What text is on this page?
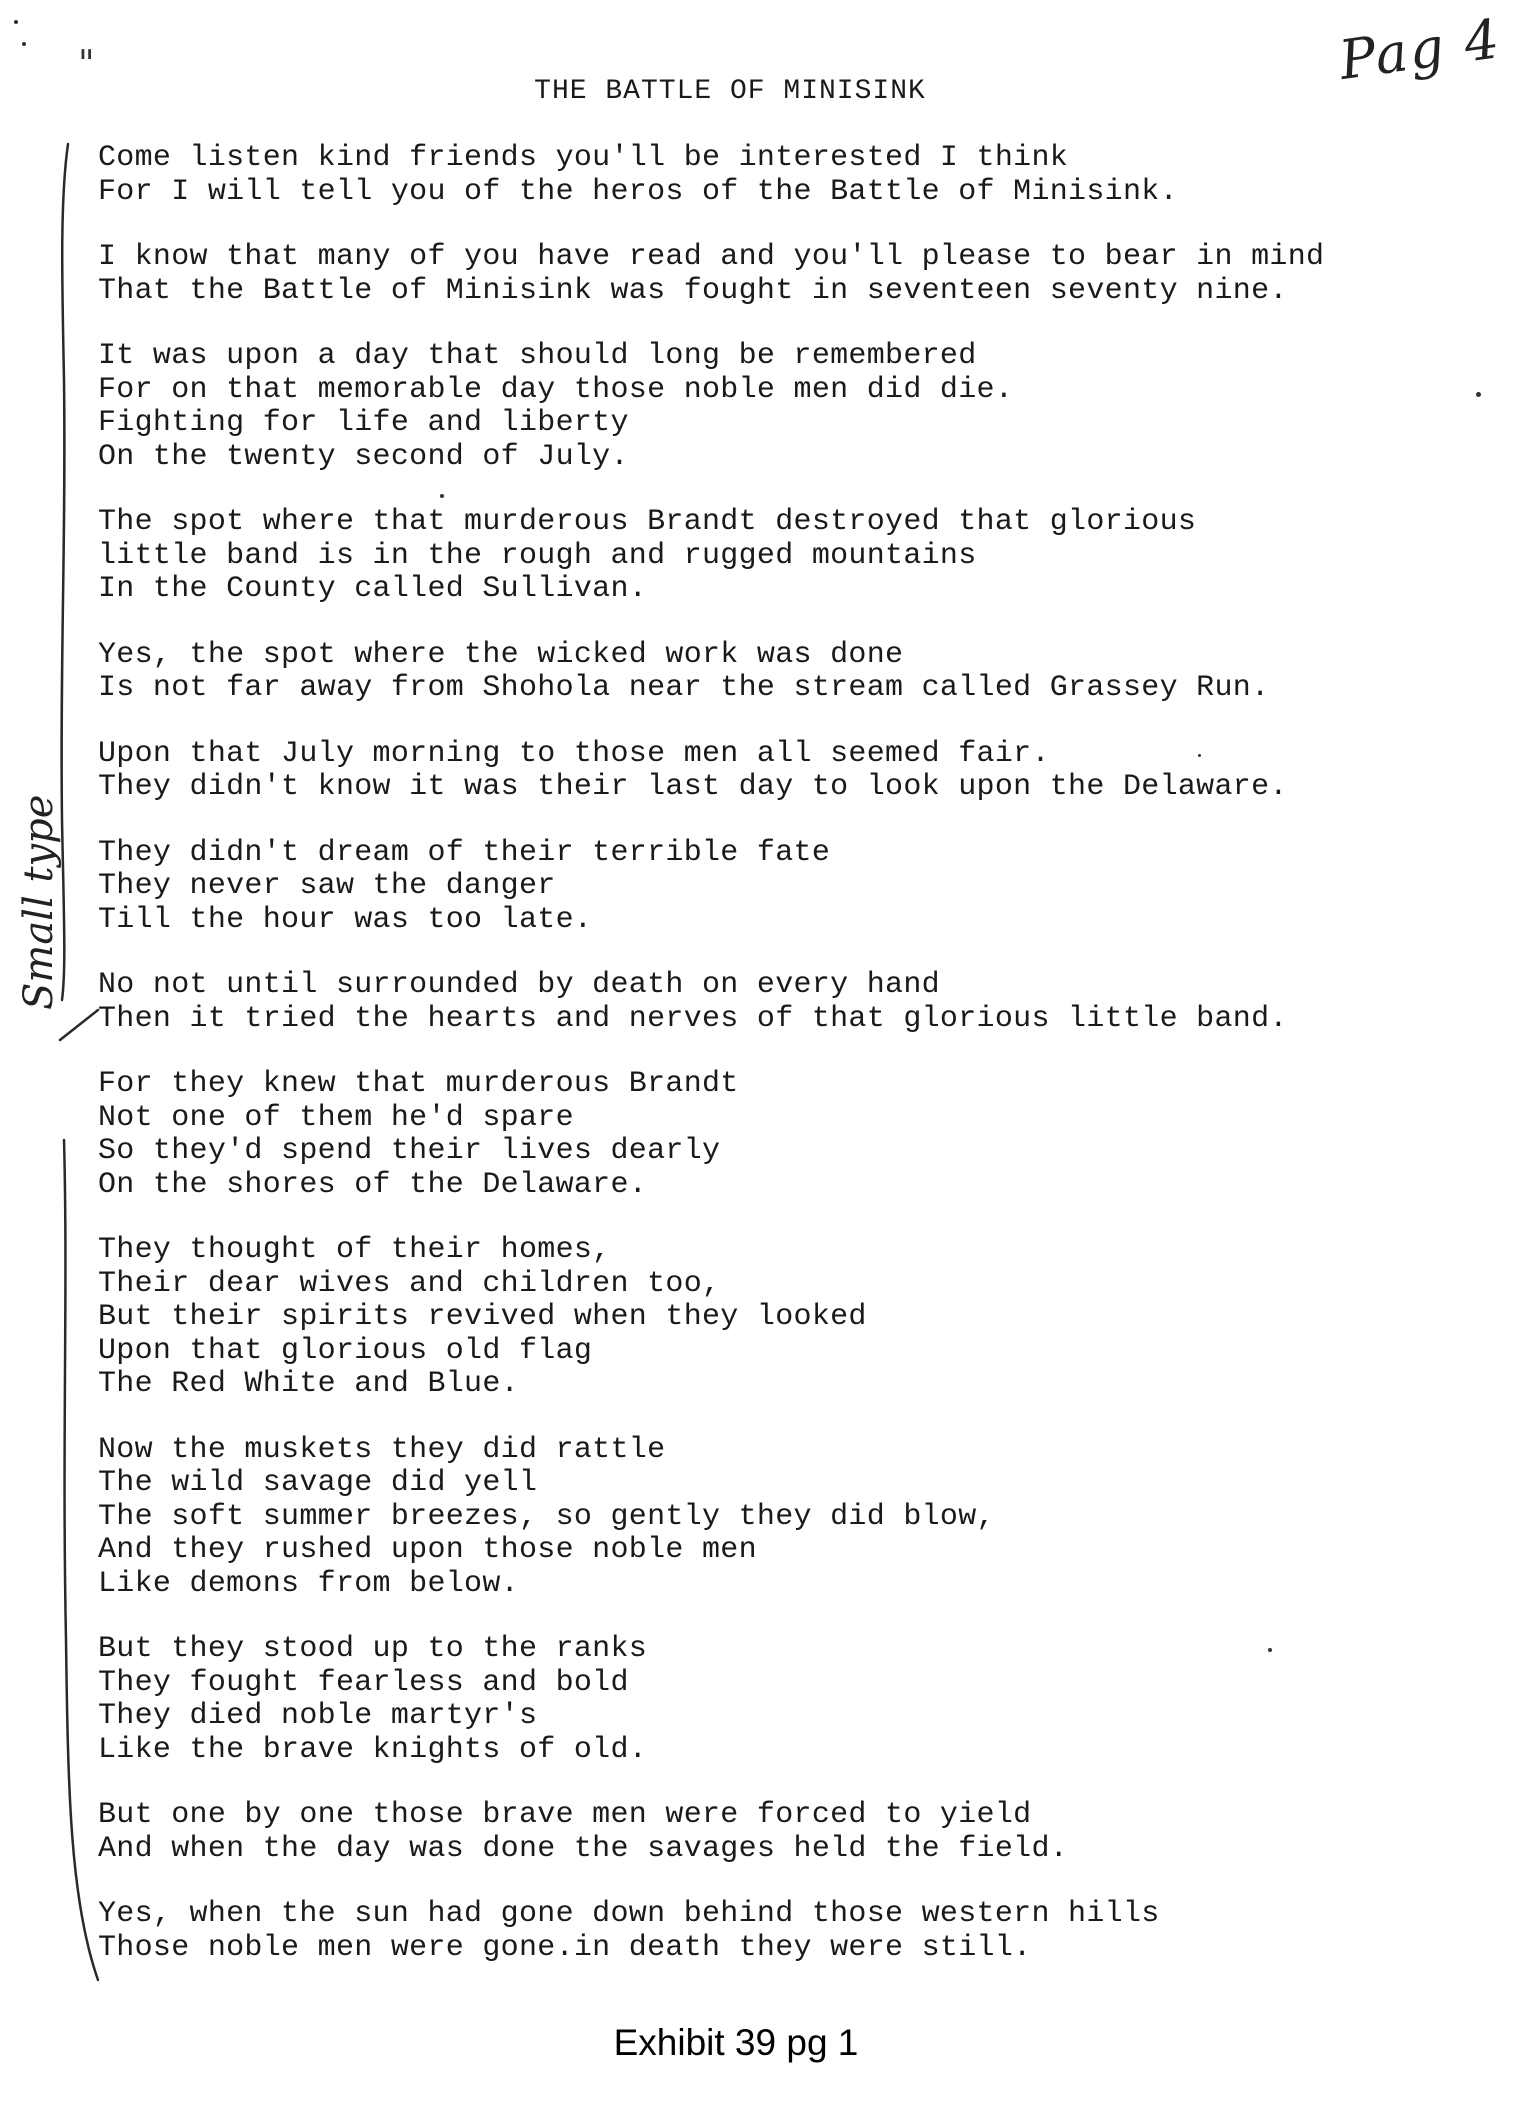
Pag 4
"
THE BATTLE OF MINISINK
Small type
Come listen kind friends you'll be interested I think
For I will tell you of the heros of the Battle of Minisink.
I know that many of you have read and you'll please to bear in mind
That the Battle of Minisink was fought in seventeen seventy nine.
It was upon a day that should long be remembered
For on that memorable day those noble men did die.
Fighting for life and liberty
On the twenty second of July.
The spot where that murderous Brandt destroyed that glorious
little band is in the rough and rugged mountains
In the County called Sullivan.
Yes, the spot where the wicked work was done
Is not far away from Shohola near the stream called Grassey Run.
Upon that July morning to those men all seemed fair.
They didn't know it was their last day to look upon the Delaware.
They didn't dream of their terrible fate
They never saw the danger
Till the hour was too late.
No not until surrounded by death on every hand
Then it tried the hearts and nerves of that glorious little band.
For they knew that murderous Brandt
Not one of them he'd spare
So they'd spend their lives dearly
On the shores of the Delaware.
They thought of their homes,
Their dear wives and children too,
But their spirits revived when they looked
Upon that glorious old flag
The Red White and Blue.
Now the muskets they did rattle
The wild savage did yell
The soft summer breezes, so gently they did blow,
And they rushed upon those noble men
Like demons from below.
But they stood up to the ranks
They fought fearless and bold
They died noble martyr's
Like the brave knights of old.
But one by one those brave men were forced to yield
And when the day was done the savages held the field.
Yes, when the sun had gone down behind those western hills
Those noble men were gone.in death they were still.
Exhibit 39 pg 1
